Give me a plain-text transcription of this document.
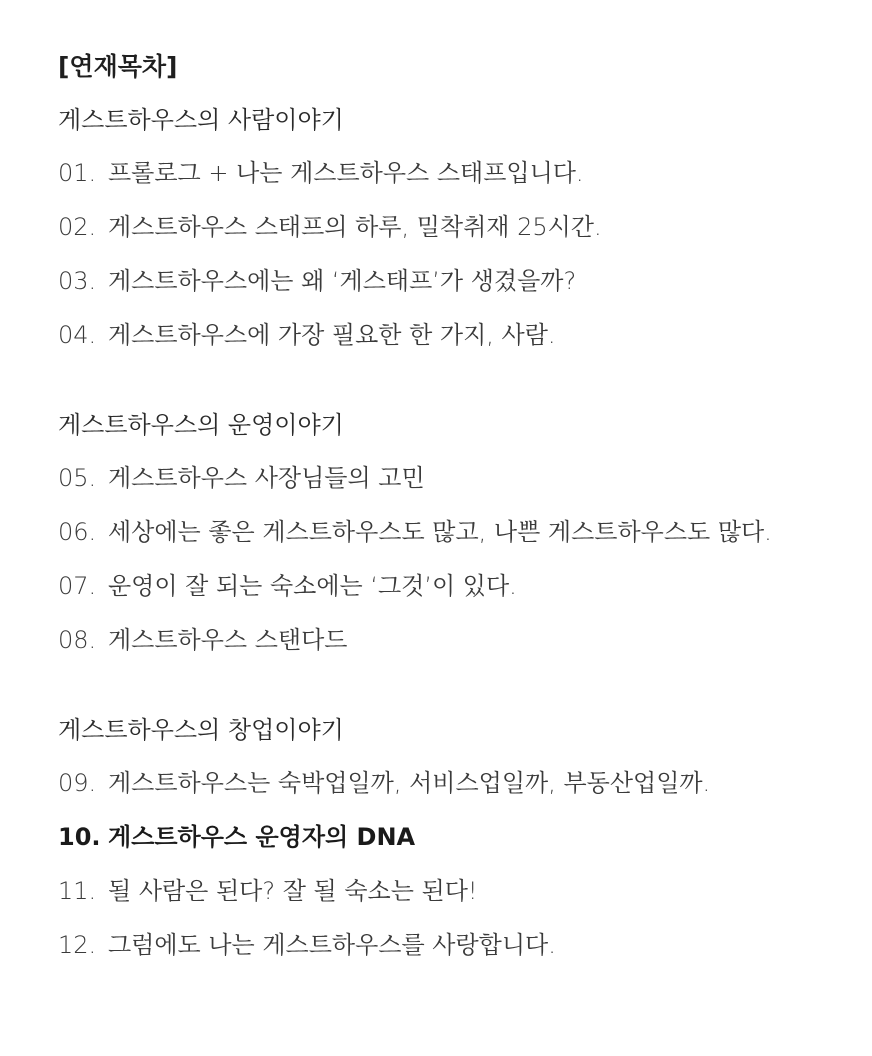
[연재목차]
게스트하우스의 사람이야기
01. 프롤로그 + 나는 게스트하우스 스태프입니다.
02. 게스트하우스 스태프의 하루, 밀착취재 25시간.
03. 게스트하우스에는 왜 ‘게스태프’가 생겼을까?
04. 게스트하우스에 가장 필요한 한 가지, 사람.
게스트하우스의 운영이야기
05. 게스트하우스 사장님들의 고민
06. 세상에는 좋은 게스트하우스도 많고, 나쁜 게스트하우스도 많다.
07. 운영이 잘 되는 숙소에는 ‘그것’이 있다.
08. 게스트하우스 스탠다드
게스트하우스의 창업이야기
09. 게스트하우스는 숙박업일까, 서비스업일까, 부동산업일까.
10. 게스트하우스 운영자의 DNA
11. 될 사람은 된다? 잘 될 숙소는 된다!
12. 그럼에도 나는 게스트하우스를 사랑합니다.
